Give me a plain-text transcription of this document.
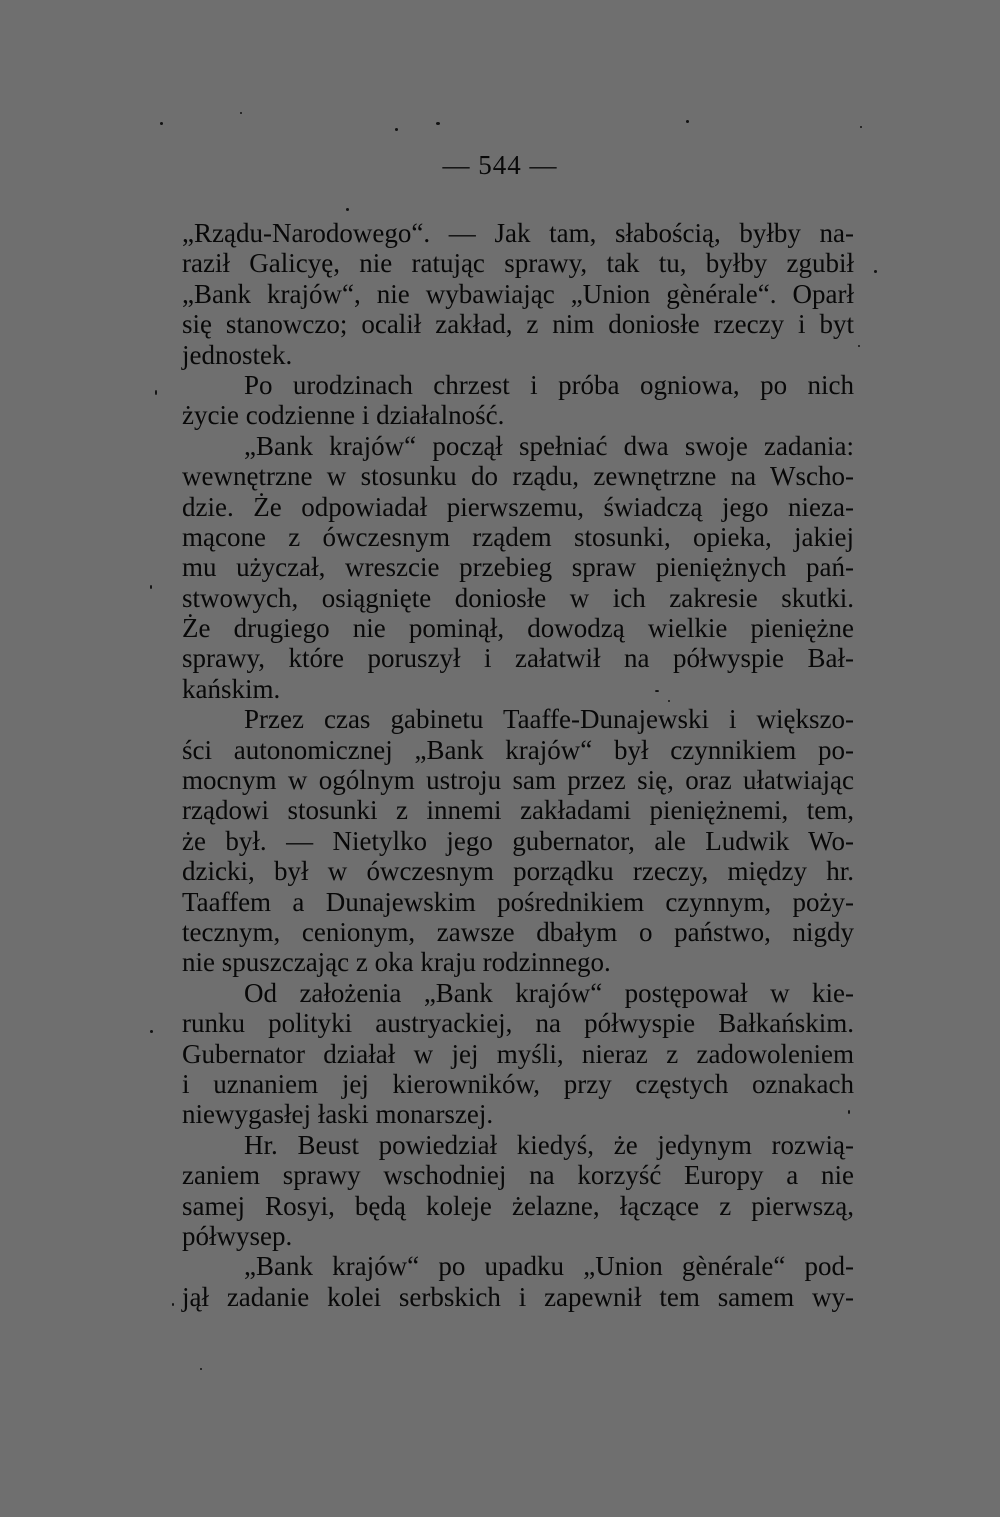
— 544 —
„Rządu-Narodowego“. — Jak tam, słabością, byłby na-
raził Galicyę, nie ratując sprawy, tak tu, byłby zgubił
„Bank krajów“, nie wybawiając „Union gènérale“. Oparł
się stanowczo; ocalił zakład, z nim doniosłe rzeczy i byt
jednostek.
Po urodzinach chrzest i próba ogniowa, po nich
życie codzienne i działalność.
„Bank krajów“ począł spełniać dwa swoje zadania:
wewnętrzne w stosunku do rządu, zewnętrzne na Wscho-
dzie. Że odpowiadał pierwszemu, świadczą jego nieza-
mącone z ówczesnym rządem stosunki, opieka, jakiej
mu użyczał, wreszcie przebieg spraw pieniężnych pań-
stwowych, osiągnięte doniosłe w ich zakresie skutki.
Że drugiego nie pominął, dowodzą wielkie pieniężne
sprawy, które poruszył i załatwił na półwyspie Bał-
kańskim.
Przez czas gabinetu Taaffe-Dunajewski i większo-
ści autonomicznej „Bank krajów“ był czynnikiem po-
mocnym w ogólnym ustroju sam przez się, oraz ułatwiając
rządowi stosunki z innemi zakładami pieniężnemi, tem,
że był. — Nietylko jego gubernator, ale Ludwik Wo-
dzicki, był w ówczesnym porządku rzeczy, między hr.
Taaffem a Dunajewskim pośrednikiem czynnym, poży-
tecznym, cenionym, zawsze dbałym o państwo, nigdy
nie spuszczając z oka kraju rodzinnego.
Od założenia „Bank krajów“ postępował w kie-
runku polityki austryackiej, na półwyspie Bałkańskim.
Gubernator działał w jej myśli, nieraz z zadowoleniem
i uznaniem jej kierowników, przy częstych oznakach
niewygasłej łaski monarszej.
Hr. Beust powiedział kiedyś, że jedynym rozwią-
zaniem sprawy wschodniej na korzyść Europy a nie
samej Rosyi, będą koleje żelazne, łączące z pierwszą,
półwysep.
„Bank krajów“ po upadku „Union gènérale“ pod-
jął zadanie kolei serbskich i zapewnił tem samem wy-
